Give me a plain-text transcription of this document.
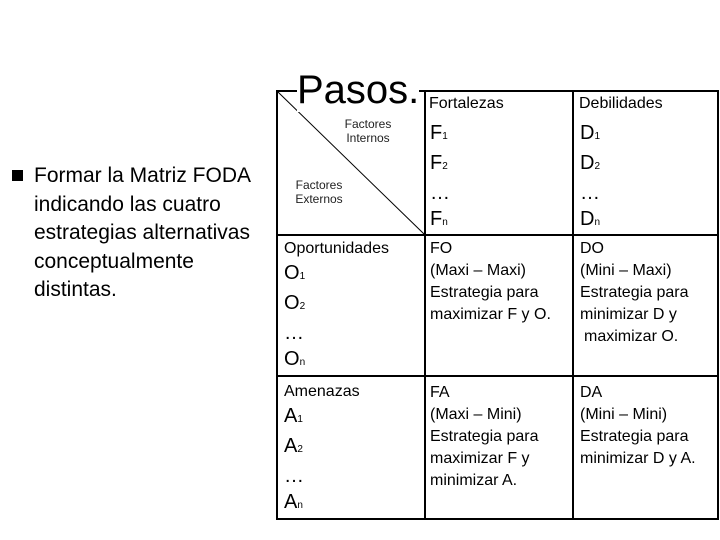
Formar la Matriz FODA indicando las cuatro estrategias alternativas conceptualmente distintas.
Pasos.
Factores Internos
Factores Externos
Fortalezas	Debilidades
F1
F2
…
Fn
D1
D2
…
Dn
Oportunidades
O1
O2
…
On
FO
(Maxi – Maxi)
Estrategia para
maximizar F y O.
DO
(Mini – Maxi)
Estrategia para
minimizar D y
maximizar O.
Amenazas
A1
A2
…
An
FA
(Maxi – Mini)
Estrategia para
maximizar F y
minimizar A.
DA
(Mini – Mini)
Estrategia para
minimizar D y A.
